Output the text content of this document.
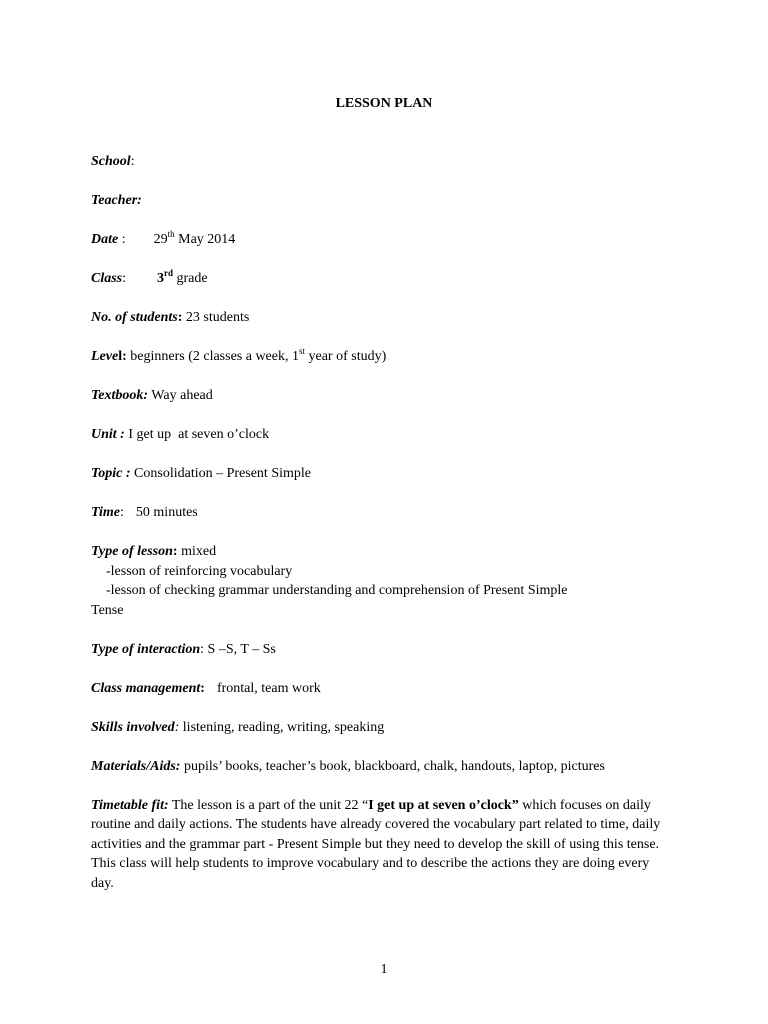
LESSON PLAN
School:
Teacher:
Date : 29th May 2014
Class: 3rd grade
No. of students: 23 students
Level: beginners (2 classes a week, 1st year of study)
Textbook: Way ahead
Unit : I get up  at seven o’clock
Topic : Consolidation – Present Simple
Time: 50 minutes
Type of lesson: mixed
-lesson of reinforcing vocabulary
-lesson of checking grammar understanding and comprehension of Present Simple
Tense
Type of interaction: S –S, T – Ss
Class management: frontal, team work
Skills involved: listening, reading, writing, speaking
Materials/Aids: pupils’ books, teacher’s book, blackboard, chalk, handouts, laptop, pictures
Timetable fit: The lesson is a part of the unit 22 “I get up at seven o’clock” which focuses on daily routine and daily actions. The students have already covered the vocabulary part related to time, daily activities and the grammar part - Present Simple but they need to develop the skill of using this tense. This class will help students to improve vocabulary and to describe the actions they are doing every day.
1
